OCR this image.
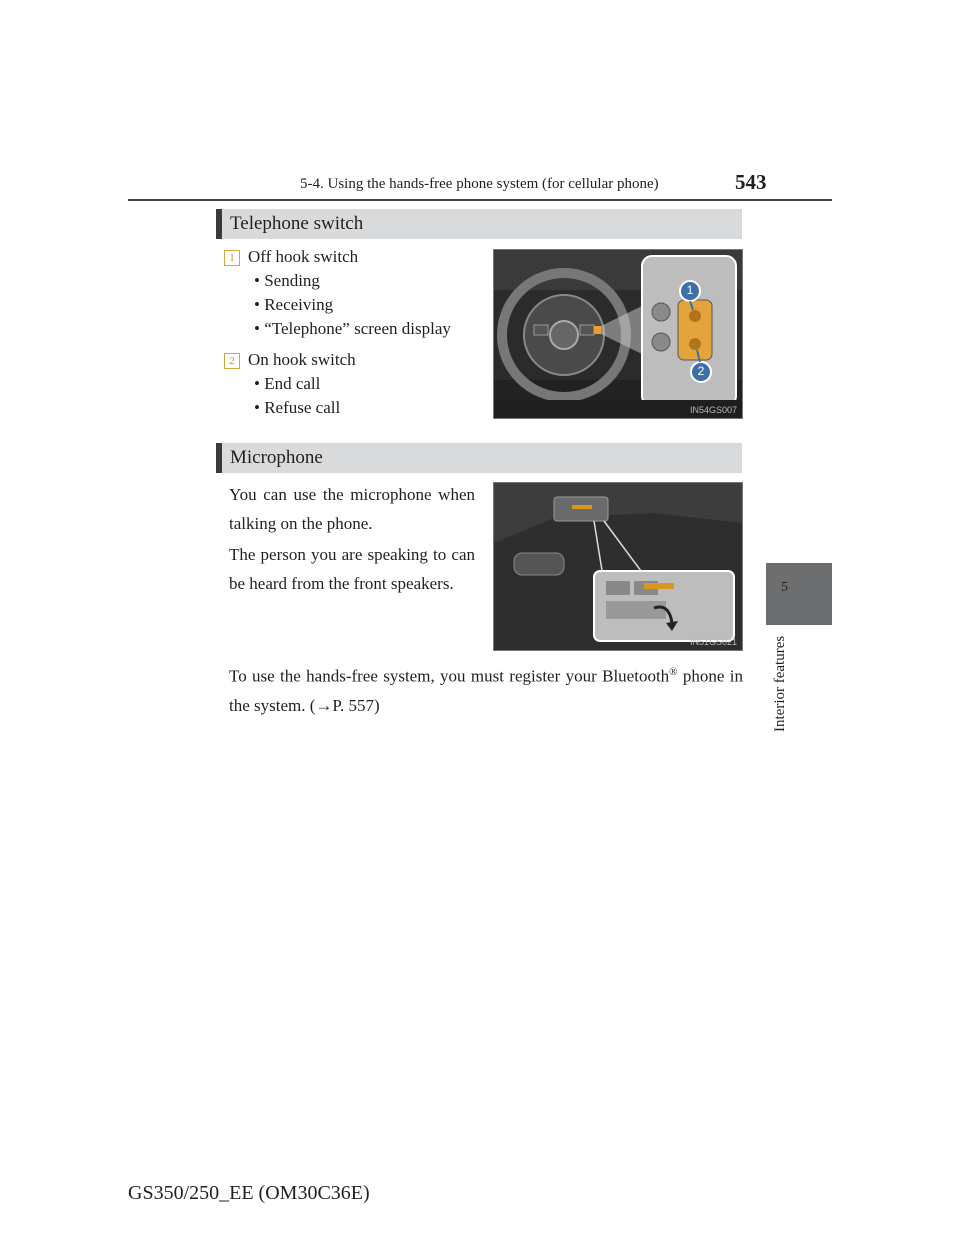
5-4. Using the hands-free phone system (for cellular phone)	543
5
Interior features
Telephone switch
1 Off hook switch
• Sending
• Receiving
• “Telephone” screen display
2 On hook switch
• End call
• Refuse call
1
2
IN54GS007
Microphone
You can use the microphone when talking on the phone.
The person you are speaking to can be heard from the front speakers.
IN51GS021
To use the hands-free system, you must register your Bluetooth® phone in the system. (→P. 557)
GS350/250_EE (OM30C36E)
